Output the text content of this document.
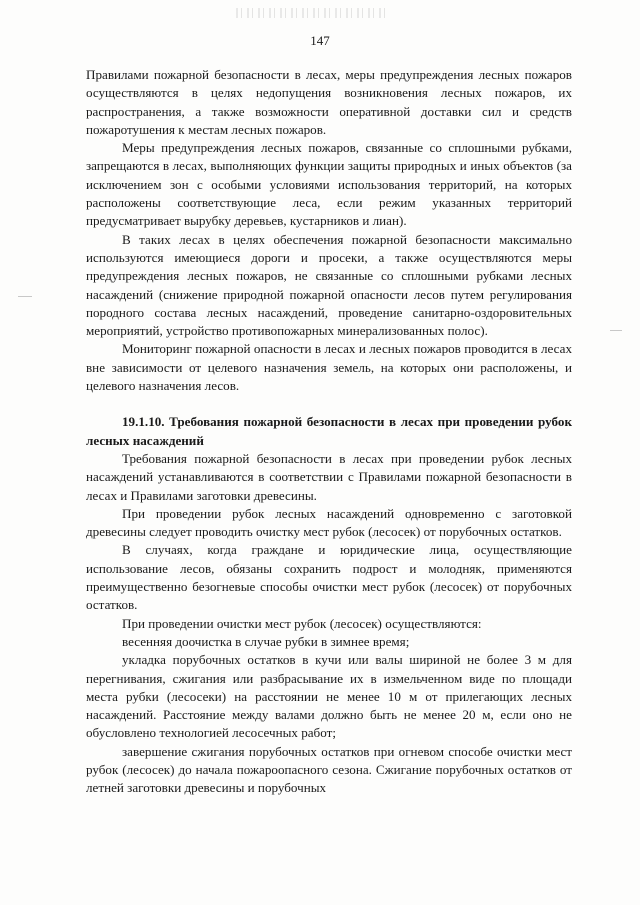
147

Правилами пожарной безопасности в лесах, меры предупреждения лесных пожаров осуществляются в целях недопущения возникновения лесных пожаров, их распространения, а также возможности оперативной доставки сил и средств пожаротушения к местам лесных пожаров.

Меры предупреждения лесных пожаров, связанные со сплошными рубками, запрещаются в лесах, выполняющих функции защиты природных и иных объектов (за исключением зон с особыми условиями использования территорий, на которых расположены соответствующие леса, если режим указанных территорий предусматривает вырубку деревьев, кустарников и лиан).

В таких лесах в целях обеспечения пожарной безопасности максимально используются имеющиеся дороги и просеки, а также осуществляются меры предупреждения лесных пожаров, не связанные со сплошными рубками лесных насаждений (снижение природной пожарной опасности лесов путем регулирования породного состава лесных насаждений, проведение санитарно-оздоровительных мероприятий, устройство противопожарных минерализованных полос).

Мониторинг пожарной опасности в лесах и лесных пожаров проводится в лесах вне зависимости от целевого назначения земель, на которых они расположены, и целевого назначения лесов.

19.1.10. Требования пожарной безопасности в лесах при проведении рубок лесных насаждений

Требования пожарной безопасности в лесах при проведении рубок лесных насаждений устанавливаются в соответствии с Правилами пожарной безопасности в лесах и Правилами заготовки древесины.

При проведении рубок лесных насаждений одновременно с заготовкой древесины следует проводить очистку мест рубок (лесосек) от порубочных остатков.

В случаях, когда граждане и юридические лица, осуществляющие использование лесов, обязаны сохранить подрост и молодняк, применяются преимущественно безогневые способы очистки мест рубок (лесосек) от порубочных остатков.

При проведении очистки мест рубок (лесосек) осуществляются:

весенняя доочистка в случае рубки в зимнее время;

укладка порубочных остатков в кучи или валы шириной не более 3 м для перегнивания, сжигания или разбрасывание их в измельченном виде по площади места рубки (лесосеки) на расстоянии не менее 10 м от прилегающих лесных насаждений. Расстояние между валами должно быть не менее 20 м, если оно не обусловлено технологией лесосечных работ;

завершение сжигания порубочных остатков при огневом способе очистки мест рубок (лесосек) до начала пожароопасного сезона. Сжигание порубочных остатков от летней заготовки древесины и порубочных
